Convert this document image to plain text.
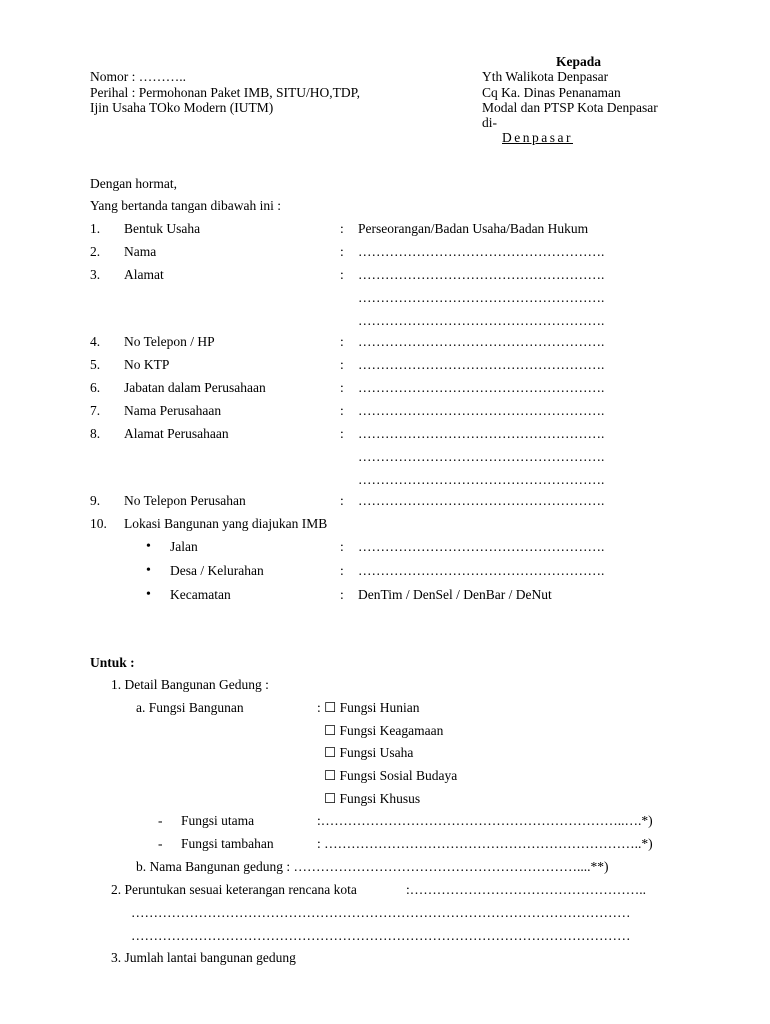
Nomor : ………..
Perihal : Permohonan Paket IMB, SITU/HO,TDP,
Ijin Usaha TOko Modern (IUTM)
Kepada
Yth Walikota Denpasar
Cq Ka. Dinas Penanaman
Modal dan PTSP Kota Denpasar
di-
Denpasar
Dengan hormat,
Yang bertanda tangan dibawah ini :
1. Bentuk Usaha	: Perseorangan/Badan Usaha/Badan Hukum
2. Nama	: ……………………………………………….
3. Alamat	: ……………………………………………….
……………………………………………….
……………………………………………….
4. No Telepon / HP	: ……………………………………………….
5. No KTP	: ……………………………………………….
6. Jabatan dalam Perusahaan	: ……………………………………………….
7. Nama Perusahaan	: ……………………………………………….
8. Alamat Perusahaan	: ……………………………………………….
……………………………………………….
……………………………………………….
9. No Telepon Perusahan	: ……………………………………………….
10. Lokasi Bangunan yang diajukan IMB
• Jalan	: ……………………………………………….
• Desa / Kelurahan	: ……………………………………………….
• Kecamatan	: DenTim / DenSel / DenBar / DeNut
Untuk :
1. Detail Bangunan Gedung :
a. Fungsi Bangunan	: ☐ Fungsi Hunian
☐ Fungsi Keagamaan
☐ Fungsi Usaha
☐ Fungsi Sosial Budaya
☐ Fungsi Khusus
- Fungsi utama	:…………………………………………………………..….*)
- Fungsi tambahan	: ……………………………………………………………..*)
b. Nama Bangunan gedung : ………………………………………………………....**)
2. Peruntukan sesuai keterangan rencana kota	:……………………………………………..
…………………………………………………………………………………………………
…………………………………………………………………………………………………
3. Jumlah lantai bangunan gedung
